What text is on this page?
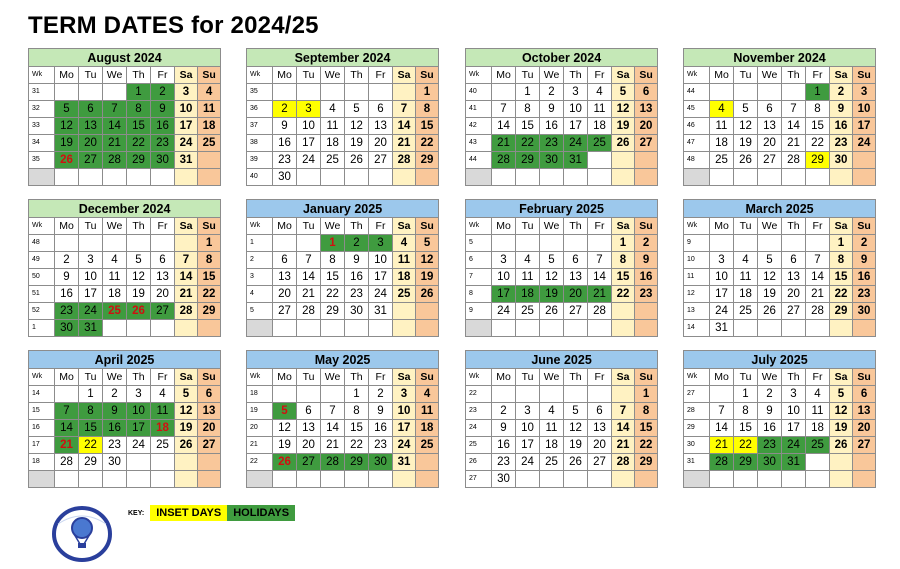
TERM DATES for 2024/25
August 2024							
Wk	Mo	Tu	We	Th	Fr	Sa	Su
31				1	2	3	4
32	5	6	7	8	9	10	11
33	12	13	14	15	16	17	18
34	19	20	21	22	23	24	25
35	26	27	28	29	30	31	

September 2024							
Wk	Mo	Tu	We	Th	Fr	Sa	Su
35							1
36	2	3	4	5	6	7	8
37	9	10	11	12	13	14	15
38	16	17	18	19	20	21	22
39	23	24	25	26	27	28	29
40	30						
October 2024							
Wk	Mo	Tu	We	Th	Fr	Sa	Su
40		1	2	3	4	5	6
41	7	8	9	10	11	12	13
42	14	15	16	17	18	19	20
43	21	22	23	24	25	26	27
44	28	29	30	31			

November 2024							
Wk	Mo	Tu	We	Th	Fr	Sa	Su
44					1	2	3
45	4	5	6	7	8	9	10
46	11	12	13	14	15	16	17
47	18	19	20	21	22	23	24
48	25	26	27	28	29	30	

December 2024							
Wk	Mo	Tu	We	Th	Fr	Sa	Su
48							1
49	2	3	4	5	6	7	8
50	9	10	11	12	13	14	15
51	16	17	18	19	20	21	22
52	23	24	25	26	27	28	29
1	30	31					
January 2025							
Wk	Mo	Tu	We	Th	Fr	Sa	Su
1			1	2	3	4	5
2	6	7	8	9	10	11	12
3	13	14	15	16	17	18	19
4	20	21	22	23	24	25	26
5	27	28	29	30	31		

February 2025							
Wk	Mo	Tu	We	Th	Fr	Sa	Su
5						1	2
6	3	4	5	6	7	8	9
7	10	11	12	13	14	15	16
8	17	18	19	20	21	22	23
9	24	25	26	27	28		

March 2025							
Wk	Mo	Tu	We	Th	Fr	Sa	Su
9						1	2
10	3	4	5	6	7	8	9
11	10	11	12	13	14	15	16
12	17	18	19	20	21	22	23
13	24	25	26	27	28	29	30
14	31						
April 2025							
Wk	Mo	Tu	We	Th	Fr	Sa	Su
14		1	2	3	4	5	6
15	7	8	9	10	11	12	13
16	14	15	16	17	18	19	20
17	21	22	23	24	25	26	27
18	28	29	30				

May 2025							
Wk	Mo	Tu	We	Th	Fr	Sa	Su
18				1	2	3	4
19	5	6	7	8	9	10	11
20	12	13	14	15	16	17	18
21	19	20	21	22	23	24	25
22	26	27	28	29	30	31	

June 2025							
Wk	Mo	Tu	We	Th	Fr	Sa	Su
22							1
23	2	3	4	5	6	7	8
24	9	10	11	12	13	14	15
25	16	17	18	19	20	21	22
26	23	24	25	26	27	28	29
27	30						
July 2025							
Wk	Mo	Tu	We	Th	Fr	Sa	Su
27		1	2	3	4	5	6
28	7	8	9	10	11	12	13
29	14	15	16	17	18	19	20
30	21	22	23	24	25	26	27
31	28	29	30	31			

KEY:	INSET DAYS	HOLIDAYS
